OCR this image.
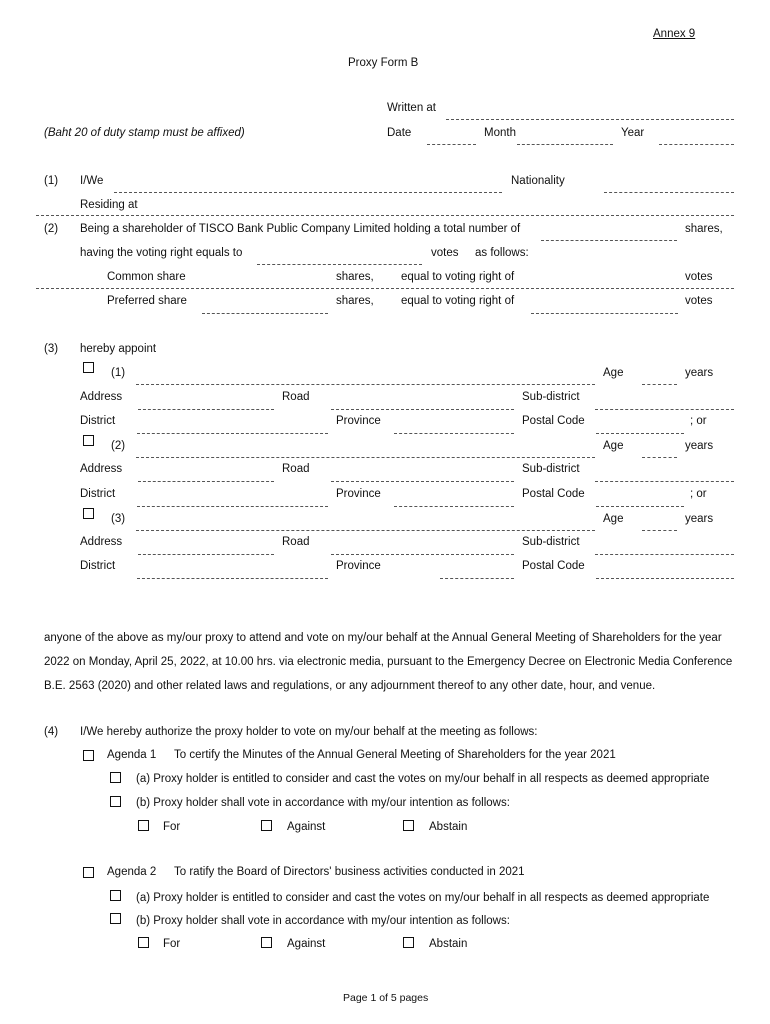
Annex 9
Proxy Form B
Written at
(Baht 20 of duty stamp must be affixed)	Date	Month	Year
(1) I/We	Nationality
Residing at
(2) Being a shareholder of TISCO Bank Public Company Limited holding a total number of	shares,
having the voting right equals to	votes as follows:
Common share	shares, equal to voting right of	votes
Preferred share	shares, equal to voting right of	votes
(3) hereby appoint
(1)	Age	years
Address	Road	Sub-district
District	Province	Postal Code	; or
(2)	Age	years
Address	Road	Sub-district
District	Province	Postal Code	; or
(3)	Age	years
Address	Road	Sub-district
District	Province	Postal Code
anyone of the above as my/our proxy to attend and vote on my/our behalf at the Annual General Meeting of Shareholders for the year
2022 on Monday, April 25, 2022, at 10.00 hrs. via electronic media, pursuant to the Emergency Decree on Electronic Media Conference
B.E. 2563 (2020) and other related laws and regulations, or any adjournment thereof to any other date, hour, and venue.
(4) I/We hereby authorize the proxy holder to vote on my/our behalf at the meeting as follows:
Agenda 1 To certify the Minutes of the Annual General Meeting of Shareholders for the year 2021
(a) Proxy holder is entitled to consider and cast the votes on my/our behalf in all respects as deemed appropriate
(b) Proxy holder shall vote in accordance with my/our intention as follows:
For	Against	Abstain
Agenda 2 To ratify the Board of Directors' business activities conducted in 2021
(a) Proxy holder is entitled to consider and cast the votes on my/our behalf in all respects as deemed appropriate
(b) Proxy holder shall vote in accordance with my/our intention as follows:
For	Against	Abstain
Page 1 of 5 pages
